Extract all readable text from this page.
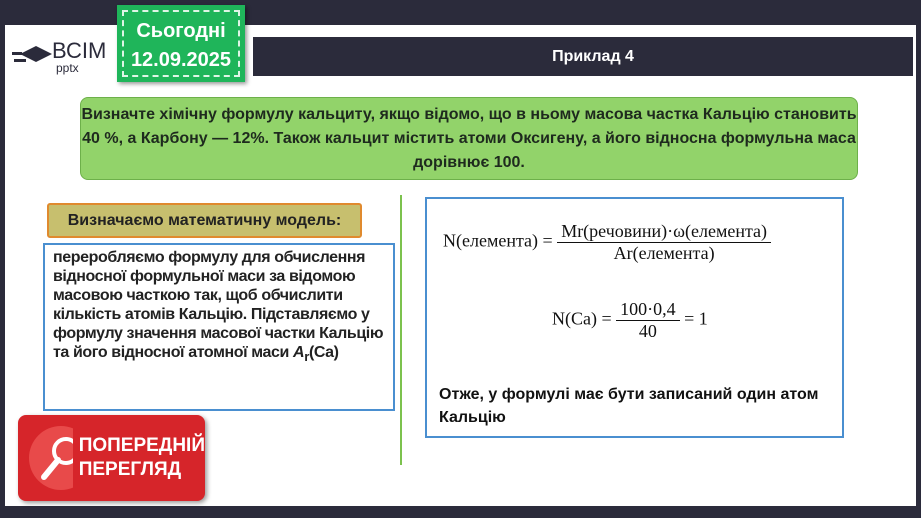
Приклад 4
ВСІМ
pptx
Сьогодні
12.09.2025
Визначте хімічну формулу кальциту, якщо відомо, що в ньому масова частка Кальцію становить 40 %, а Карбону — 12%. Також кальцит містить атоми Оксигену, а його відносна формульна маса дорівнює 100.
Визначаємо математичну модель:
переробляємо формулу для обчислення відносної формульної маси за відомою масовою часткою так, щоб обчислити кількість атомів Кальцію. Підставляємо у формулу значення масової частки Кальцію та його відносної атомної маси $A_r(Ca)$
N(елемента) = $\frac{\text{Mr(речовини)·ω(елемента)}}{\text{Ar(елемента)}}$
$N(Ca) = \frac{100\cdot 0,4}{40} = 1$
Отже, у формулі має бути записаний один атом Кальцію
ПОПЕРЕДНІЙ
ПЕРЕГЛЯД
